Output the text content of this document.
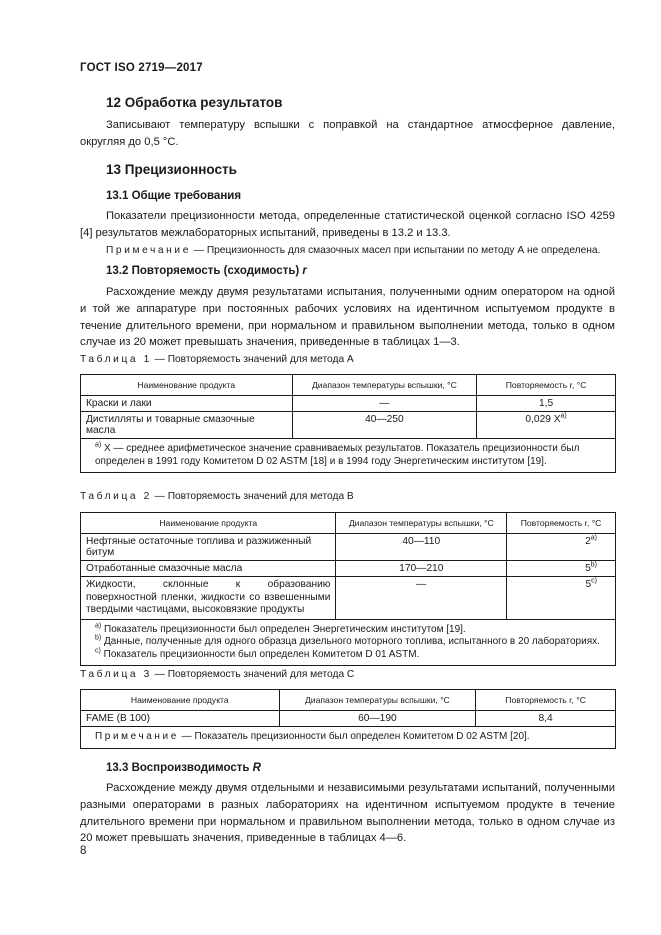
ГОСТ ISO 2719—2017
12 Обработка результатов
Записывают температуру вспышки с поправкой на стандартное атмосферное давление, округляя до 0,5 °С.
13 Прецизионность
13.1 Общие требования
Показатели прецизионности метода, определенные статистической оценкой согласно ISO 4259 [4] результатов межлабораторных испытаний, приведены в 13.2 и 13.3.
Примечание — Прецизионность для смазочных масел при испытании по методу А не определена.
13.2 Повторяемость (сходимость) r
Расхождение между двумя результатами испытания, полученными одним оператором на одной и той же аппаратуре при постоянных рабочих условиях на идентичном испытуемом продукте в течение длительного времени, при нормальном и правильном выполнении метода, только в одном случае из 20 может превышать значения, приведенные в таблицах 1—3.
Таблица 1 — Повторяемость значений для метода А
Наименование продукта	Диапазон температуры вспышки, °С	Повторяемость r, °С
Краски и лаки	—	1,5
Дистилляты и товарные смазочные масла	40—250	0,029 $X^{а)}$
$^{а)}$ X — среднее арифметическое значение сравниваемых результатов. Показатель прецизионности был определен в 1991 году Комитетом D 02 ASTM [18] и в 1994 году Энергетическим институтом [19].		
Таблица 2 — Повторяемость значений для метода В
Наименование продукта	Диапазон температуры вспышки, °С	Повторяемость r, °С
Нефтяные остаточные топлива и разжиженный битум	40—110	$2^{а)}$
Отработанные смазочные масла	170—210	5$^{b)}$
Жидкости, склонные к образованию поверхностной пленки, жидкости со взвешенными твердыми частицами, высоковязкие продукты	—	5$^{c)}$

$^{а)}$ Показатель прецизионности был определен Энергетическим институтом [19].
$^{b)}$ Данные, полученные для одного образца дизельного моторного топлива, испытанного в 20 лабораториях.
$^{c)}$ Показатель прецизионности был определен Комитетом D 01 ASTM.		
Таблица 3 — Повторяемость значений для метода С
Наименование продукта	Диапазон температуры вспышки, °С	Повторяемость r, °С
FAME (B 100)	60—190	8,4
Примечание — Показатель прецизионности был определен Комитетом D 02 ASTM [20].		
13.3 Воспроизводимость R
Расхождение между двумя отдельными и независимыми результатами испытаний, полученными разными операторами в разных лабораториях на идентичном испытуемом продукте в течение длительного времени при нормальном и правильном выполнении метода, только в одном случае из 20 может превышать значения, приведенные в таблицах 4—6.
8
